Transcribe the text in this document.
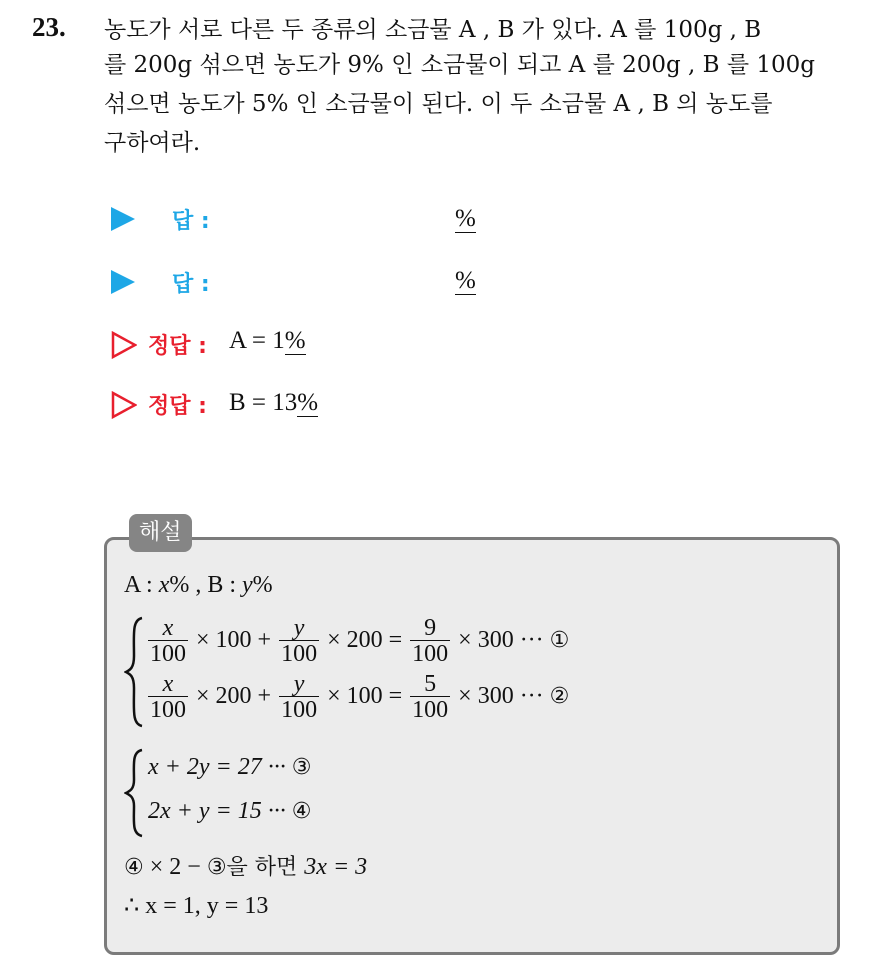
23. 농도가 서로 다른 두 종류의 소금물 A , B 가 있다. A 를 100g , B
를 200g 섞으면 농도가 9% 인 소금물이 되고 A 를 200g , B 를 100g
섞으면 농도가 5% 인 소금물이 된다. 이 두 소금물 A , B 의 농도를
구하여라.
답 :	%
답 :	%
정답 : A = 1%
정답 : B = 13%
해설
A : x% , B : y%
$\frac{x}{100} \times 100 + \frac{y}{100} \times 200 = \frac{9}{100} \times 300$ ··· ①
$\frac{x}{100} \times 200 + \frac{y}{100} \times 100 = \frac{5}{100} \times 300$ ··· ②
x + 2y = 27 ··· ③
2x + y = 15 ··· ④
④ × 2 − ③을 하면 3x = 3
∴ x = 1, y = 13
